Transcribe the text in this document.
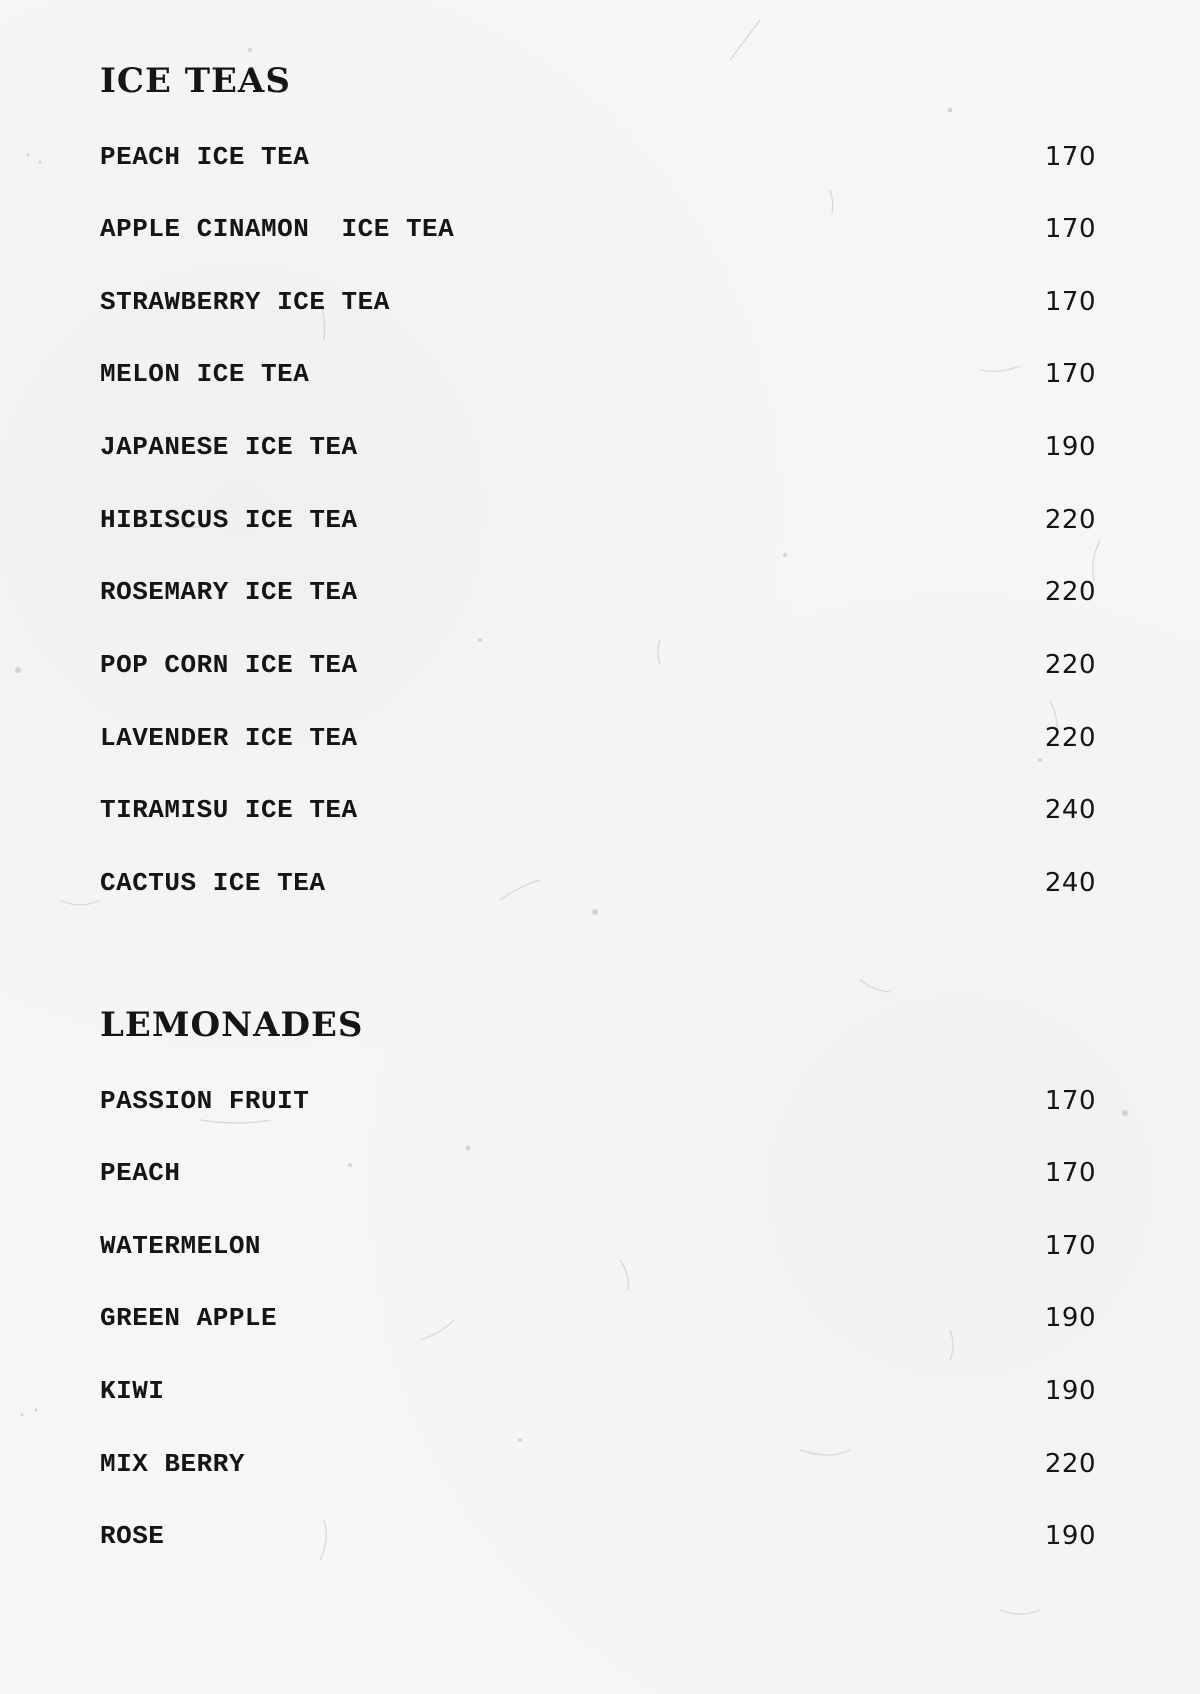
ICE TEAS
PEACH ICE TEA	170
APPLE CINAMON  ICE TEA	170
STRAWBERRY ICE TEA	170
MELON ICE TEA	170
JAPANESE ICE TEA	190
HIBISCUS ICE TEA	220
ROSEMARY ICE TEA	220
POP CORN ICE TEA	220
LAVENDER ICE TEA	220
TIRAMISU ICE TEA	240
CACTUS ICE TEA	240
LEMONADES
PASSION FRUIT	170
PEACH	170
WATERMELON	170
GREEN APPLE	190
KIWI	190
MIX BERRY	220
ROSE	190
